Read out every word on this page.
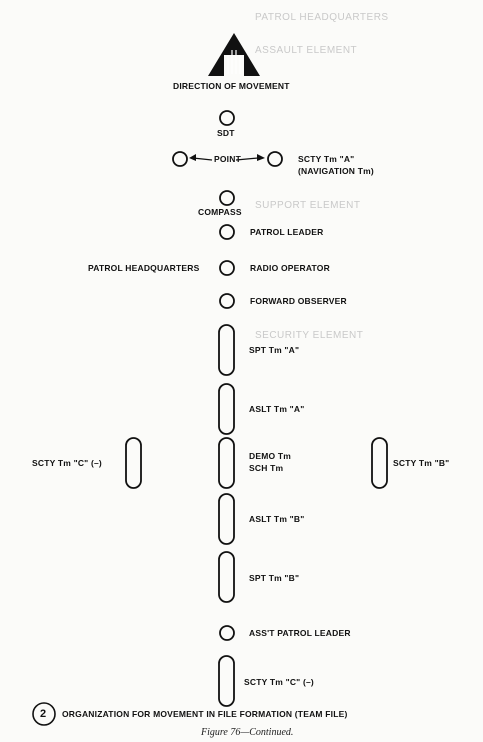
PATROL HEADQUARTERS
ASSAULT ELEMENT
SUPPORT ELEMENT
SECURITY ELEMENT
DIRECTION OF MOVEMENT
SDT
POINT	SCTY Tm "A"
(NAVIGATION Tm)
COMPASS
PATROL LEADER
PATROL HEADQUARTERS	RADIO OPERATOR
FORWARD OBSERVER
SPT Tm "A"
ASLT Tm "A"
SCTY Tm "C" (–)
DEMO Tm
SCH Tm	SCTY Tm "B"
ASLT Tm "B"
SPT Tm "B"
ASS'T PATROL LEADER
SCTY Tm "C" (–)
2 ORGANIZATION FOR MOVEMENT IN FILE FORMATION (TEAM FILE)
Figure 76—Continued.
